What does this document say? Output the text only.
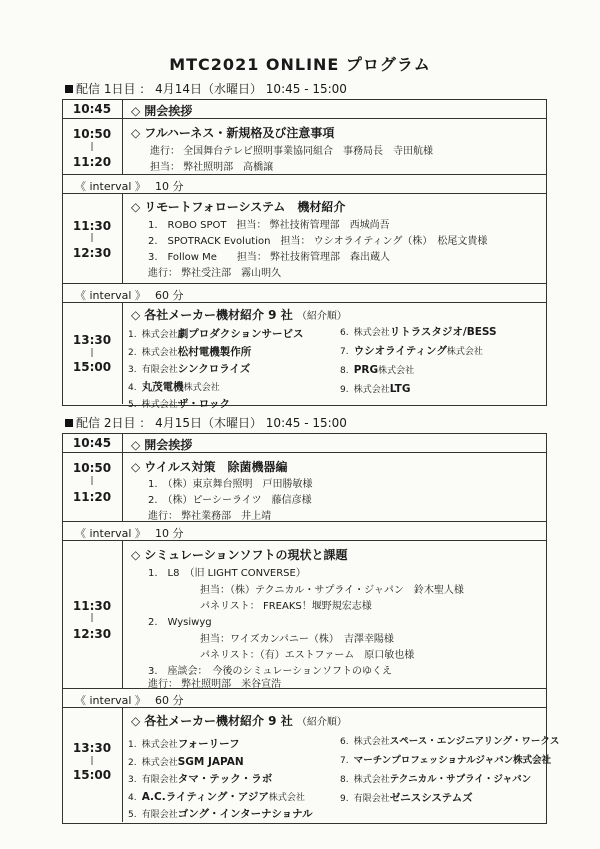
MTC2021 ONLINE プログラム
配信 1日目 ： 4月14日（水曜日） 10:45 - 15:00
10:45	◇ 開会挨拶
10:50
|
11:20
◇ フルハーネス・新規格及び注意事項
進行： 全国舞台テレビ照明事業協同組合　事務局長　寺田航様
担当： 弊社照明部　高橋譲
《 interval 》 10 分
11:30
|
12:30
◇ リモートフォローシステム　機材紹介
1.　ROBO SPOT　担当： 弊社技術管理部　西城尚吾
2.　SPOTRACK Evolution　担当： ウシオライティング（株）　松尾文貴様
3.　Follow Me　　担当： 弊社技術管理部　森出蔵人
進行： 弊社受注部　霧山明久
《 interval 》 60 分
13:30
|
15:00
◇ 各社メーカー機材紹介 9 社 （紹介順）
1. 株式会社劇プロダクションサービス
2. 株式会社松村電機製作所
3. 有限会社シンクロライズ
4. 丸茂電機株式会社
5. 株式会社ザ・ロック
6. 株式会社リトラスタジオ/BESS
7. ウシオライティング株式会社
8. PRG株式会社
9. 株式会社LTG
配信 2日目 ： 4月15日（木曜日） 10:45 - 15:00
10:45	◇ 開会挨拶
10:50
|
11:20
◇ ウイルス対策　除菌機器編
1.　（株）東京舞台照明　戸田勝敏様
2.　（株）ピーシーライツ　藤信彦様
進行： 弊社業務部　井上靖
《 interval 》 10 分
11:30
|
12:30
◇ シミュレーションソフトの現状と課題
1.　L8　（旧 LIGHT CONVERSE）
担当：（株）テクニカル・サプライ・ジャパン　鈴木聖人様
パネリスト： FREAKS！堰野規宏志様
2.　Wysiwyg
担当：ワイズカンパニー（株）　吉澤幸陽様
パネリスト：（有）エストファーム　原口敏也様
3.　座談会：　今後のシミュレーションソフトのゆくえ
進行： 弊社照明部　米谷宣浩
《 interval 》 60 分
13:30
|
15:00
◇ 各社メーカー機材紹介 9 社 （紹介順）
1. 株式会社フォーリーフ
2. 株式会社SGM JAPAN
3. 有限会社タマ・テック・ラボ
4. A.C.ライティング・アジア株式会社
5. 有限会社ゴング・インターナショナル
6. 株式会社スペース・エンジニアリング・ワークス
7. マーチンプロフェッショナルジャパン株式会社
8. 株式会社テクニカル・サプライ・ジャパン
9. 有限会社ゼニスシステムズ
